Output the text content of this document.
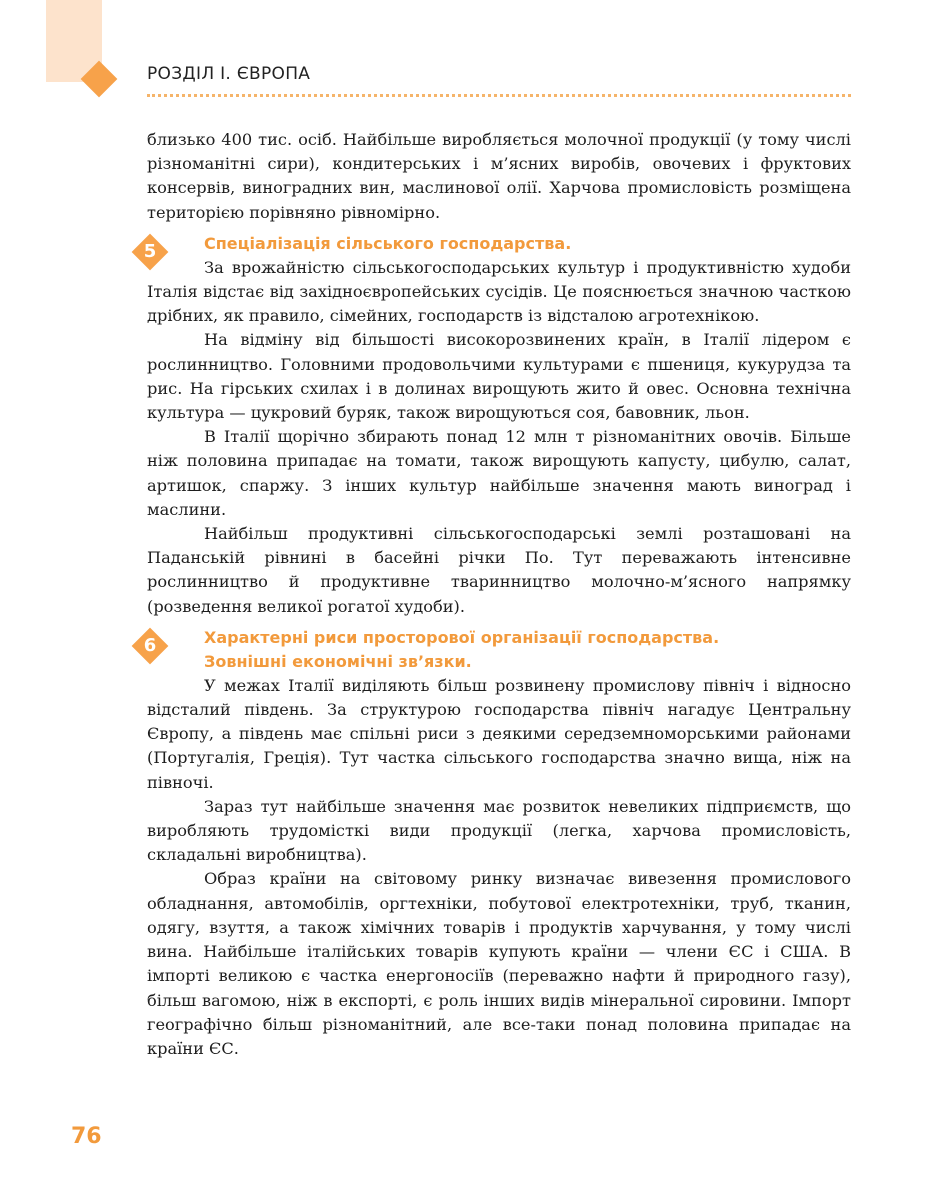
РОЗДІЛ І. ЄВРОПА

близько 400 тис. осіб. Найбільше виробляється молочної продукції (у тому числі різноманітні сири), кондитерських і м’ясних виробів, овочевих і фруктових консервів, виноградних вин, маслинової олії. Харчова промисловість розміщена територією порівняно рівномірно.

5	Спеціалізація сільського господарства.

За врожайністю сільськогосподарських культур і продуктивністю худоби Італія відстає від західноєвропейських сусідів. Це пояснюється значною часткою дрібних, як правило, сімейних, господарств із відсталою агротехнікою.

На відміну від більшості високорозвинених країн, в Італії лідером є рослинництво. Головними продовольчими культурами є пшениця, кукурудза та рис. На гірських схилах і в долинах вирощують жито й овес. Основна технічна культура — цукровий буряк, також вирощуються соя, бавовник, льон.

В Італії щорічно збирають понад 12 млн т різноманітних овочів. Більше ніж половина припадає на томати, також вирощують капусту, цибулю, салат, артишок, спаржу. З інших культур найбільше значення мають виноград і маслини.

Найбільш продуктивні сільськогосподарські землі розташовані на Паданській рівнині в басейні річки По. Тут переважають інтенсивне рослинництво й продуктивне тваринництво молочно-м’ясного напрямку (розведення великої рогатої худоби).

6	Характерні риси просторової організації господарства.
Зовнішні економічні зв’язки.

У межах Італії виділяють більш розвинену промислову північ і відносно відсталий південь. За структурою господарства північ нагадує Центральну Європу, а південь має спільні риси з деякими середземноморськими районами (Португалія, Греція). Тут частка сільського господарства значно вища, ніж на півночі.

Зараз тут найбільше значення має розвиток невеликих підприємств, що виробляють трудомісткі види продукції (легка, харчова промисловість, складальні виробництва).

Образ країни на світовому ринку визначає вивезення промислового обладнання, автомобілів, оргтехніки, побутової електротехніки, труб, тканин, одягу, взуття, а також хімічних товарів і продуктів харчування, у тому числі вина. Найбільше італійських товарів купують країни — члени ЄС і США. В імпорті великою є частка енергоносіїв (переважно нафти й природного газу), більш вагомою, ніж в експорті, є роль інших видів мінеральної сировини. Імпорт географічно більш різноманітний, але все-таки понад половина припадає на країни ЄС.

76
